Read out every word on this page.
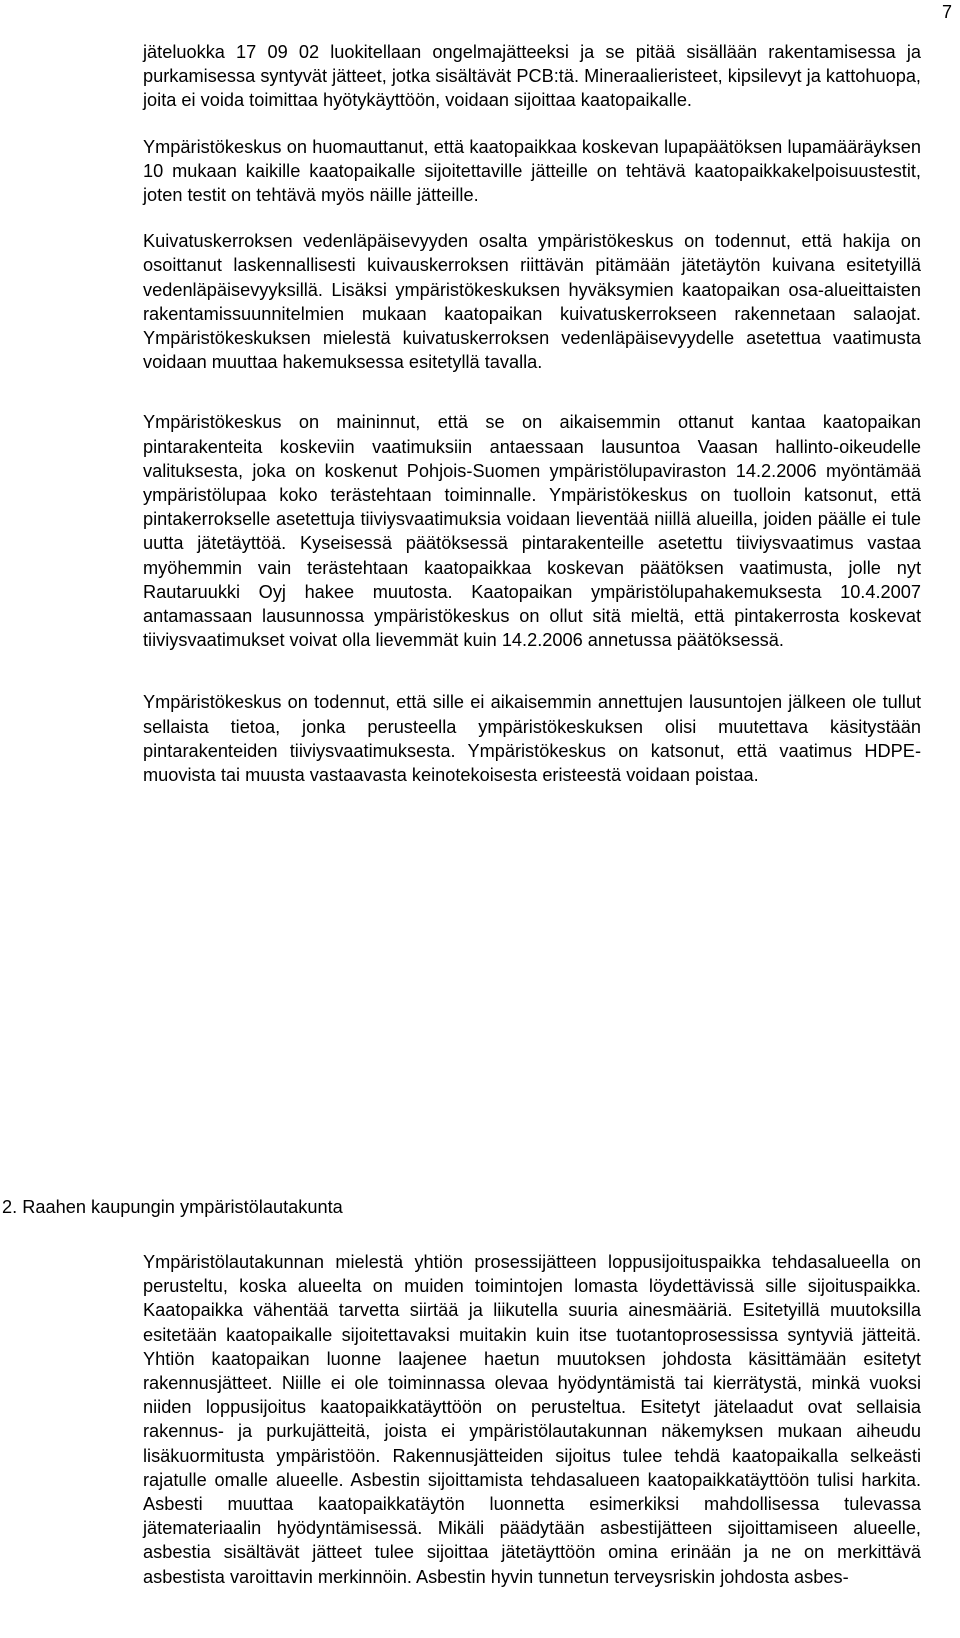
7

jäteluokka 17 09 02 luokitellaan ongelmajätteeksi ja se pitää sisällään rakentamisessa ja purkamisessa syntyvät jätteet, jotka sisältävät PCB:tä. Mineraalieristeet, kipsilevyt ja kattohuopa, joita ei voida toimittaa hyötykäyttöön, voidaan sijoittaa kaatopaikalle.

Ympäristökeskus on huomauttanut, että kaatopaikkaa koskevan lupapäätöksen lupamääräyksen 10 mukaan kaikille kaatopaikalle sijoitettaville jätteille on tehtävä kaatopaikkakelpoisuustestit, joten testit on tehtävä myös näille jätteille.

Kuivatuskerroksen vedenläpäisevyyden osalta ympäristökeskus on todennut, että hakija on osoittanut laskennallisesti kuivauskerroksen riittävän pitämään jätetäytön kuivana esitetyillä vedenläpäisevyyksillä. Lisäksi ympäristökeskuksen hyväksymien kaatopaikan osa-alueittaisten rakentamissuunnitelmien mukaan kaatopaikan kuivatuskerrokseen rakennetaan salaojat. Ympäristökeskuksen mielestä kuivatuskerroksen vedenläpäisevyydelle asetettua vaatimusta voidaan muuttaa hakemuksessa esitetyllä tavalla.

Ympäristökeskus on maininnut, että se on aikaisemmin ottanut kantaa kaatopaikan pintarakenteita koskeviin vaatimuksiin antaessaan lausuntoa Vaasan hallinto-oikeudelle valituksesta, joka on koskenut Pohjois-Suomen ympäristölupaviraston 14.2.2006 myöntämää ympäristölupaa koko terästehtaan toiminnalle. Ympäristökeskus on tuolloin katsonut, että pintakerrokselle asetettuja tiiviysvaatimuksia voidaan lieventää niillä alueilla, joiden päälle ei tule uutta jätetäyttöä. Kyseisessä päätöksessä pintarakenteille asetettu tiiviysvaatimus vastaa myöhemmin vain terästehtaan kaatopaikkaa koskevan päätöksen vaatimusta, jolle nyt Rautaruukki Oyj hakee muutosta. Kaatopaikan ympäristölupahakemuksesta 10.4.2007 antamassaan lausunnossa ympäristökeskus on ollut sitä mieltä, että pintakerrosta koskevat tiiviysvaatimukset voivat olla lievemmät kuin 14.2.2006 annetussa päätöksessä.

Ympäristökeskus on todennut, että sille ei aikaisemmin annettujen lausuntojen jälkeen ole tullut sellaista tietoa, jonka perusteella ympäristökeskuksen olisi muutettava käsitystään pintarakenteiden tiiviysvaatimuksesta. Ympäristökeskus on katsonut, että vaatimus HDPE-muovista tai muusta vastaavasta keinotekoisesta eristeestä voidaan poistaa.

2. Raahen kaupungin ympäristölautakunta

Ympäristölautakunnan mielestä yhtiön prosessijätteen loppusijoituspaikka tehdasalueella on perusteltu, koska alueelta on muiden toimintojen lomasta löydettävissä sille sijoituspaikka. Kaatopaikka vähentää tarvetta siirtää ja liikutella suuria ainesmääriä. Esitetyillä muutoksilla esitetään kaatopaikalle sijoitettavaksi muitakin kuin itse tuotantoprosessissa syntyviä jätteitä. Yhtiön kaatopaikan luonne laajenee haetun muutoksen johdosta käsittämään esitetyt rakennusjätteet. Niille ei ole toiminnassa olevaa hyödyntämistä tai kierrätystä, minkä vuoksi niiden loppusijoitus kaatopaikkatäyttöön on perusteltua. Esitetyt jätelaadut ovat sellaisia rakennus- ja purkujätteitä, joista ei ympäristölautakunnan näkemyksen mukaan aiheudu lisäkuormitusta ympäristöön. Rakennusjätteiden sijoitus tulee tehdä kaatopaikalla selkeästi rajatulle omalle alueelle. Asbestin sijoittamista tehdasalueen kaatopaikkatäyttöön tulisi harkita. Asbesti muuttaa kaatopaikkatäytön luonnetta esimerkiksi mahdollisessa tulevassa jätemateriaalin hyödyntämisessä. Mikäli päädytään asbestijätteen sijoittamiseen alueelle, asbestia sisältävät jätteet tulee sijoittaa jätetäyttöön omina erinään ja ne on merkittävä asbestista varoittavin merkinnöin. Asbestin hyvin tunnetun terveysriskin johdosta asbes-
